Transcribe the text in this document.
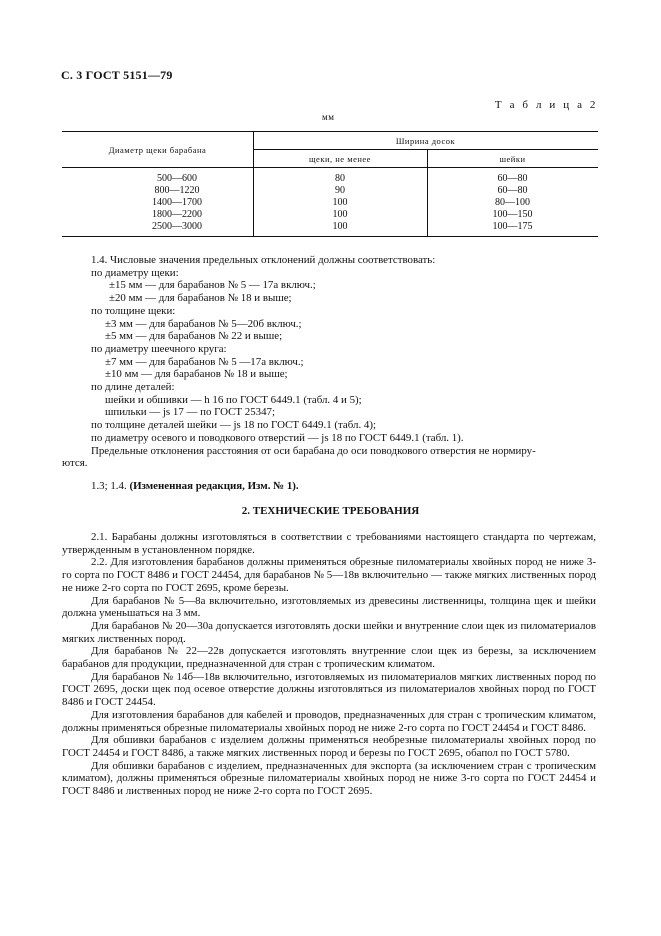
С. 3 ГОСТ 5151—79
Т а б л и ц а 2
мм
Диаметр щеки барабана
Ширина досок
щеки, не менее	шейки
500—600	80	60—80
800—1220	90	60—80
1400—1700	100	80—100
1800—2200	100	100—150
2500—3000	100	100—175

1.4. Числовые значения предельных отклонений должны соответствовать:

по диаметру щеки:

±15 мм — для барабанов № 5 — 17а включ.;

±20 мм — для барабанов № 18 и выше;

по толщине щеки:

±3 мм — для барабанов № 5—20б включ.;

±5 мм — для барабанов № 22 и выше;

по диаметру шеечного круга:

±7 мм — для барабанов № 5 —17а включ.;

±10 мм — для барабанов № 18 и выше;

по длине деталей:

шейки и обшивки — h 16 по ГОСТ 6449.1 (табл. 4 и 5);

шпильки — js 17 — по ГОСТ 25347;

по толщине деталей шейки — js 18 по ГОСТ 6449.1 (табл. 4);

по диаметру осевого и поводкового отверстий — js 18 по ГОСТ 6449.1 (табл. 1).

Предельные отклонения расстояния от оси барабана до оси поводкового отверстия не нормиру-

ются.

1.3; 1.4. (Измененная редакция, Изм. № 1).

2. ТЕХНИЧЕСКИЕ ТРЕБОВАНИЯ

2.1. Барабаны должны изготовляться в соответствии с требованиями настоящего стандарта по чертежам, утвержденным в установленном порядке.

2.2. Для изготовления барабанов должны применяться обрезные пиломатериалы хвойных пород не ниже 3-го сорта по ГОСТ 8486 и ГОСТ 24454, для барабанов № 5—18в включительно — также мягких лиственных пород не ниже 2-го сорта по ГОСТ 2695, кроме березы.

Для барабанов № 5—8а включительно, изготовляемых из древесины лиственницы, толщина щек и шейки должна уменьшаться на 3 мм.

Для барабанов № 20—30а допускается изготовлять доски шейки и внутренние слои щек из пиломатериалов мягких лиственных пород.

Для барабанов № 22—22в допускается изготовлять внутренние слои щек из березы, за исключением барабанов для продукции, предназначенной для стран с тропическим климатом.

Для барабанов № 14б—18в включительно, изготовляемых из пиломатериалов мягких лиственных пород по ГОСТ 2695, доски щек под осевое отверстие должны изготовляться из пиломатериалов хвойных пород по ГОСТ 8486 и ГОСТ 24454.

Для изготовления барабанов для кабелей и проводов, предназначенных для стран с тропическим климатом, должны применяться обрезные пиломатериалы хвойных пород не ниже 2-го сорта по ГОСТ 24454 и ГОСТ 8486.

Для обшивки барабанов с изделием должны применяться необрезные пиломатериалы хвойных пород по ГОСТ 24454 и ГОСТ 8486, а также мягких лиственных пород и березы по ГОСТ 2695, обапол по ГОСТ 5780.

Для обшивки барабанов с изделием, предназначенных для экспорта (за исключением стран с тропическим климатом), должны применяться обрезные пиломатериалы хвойных пород не ниже 3-го сорта по ГОСТ 24454 и ГОСТ 8486 и лиственных пород не ниже 2-го сорта по ГОСТ 2695.
